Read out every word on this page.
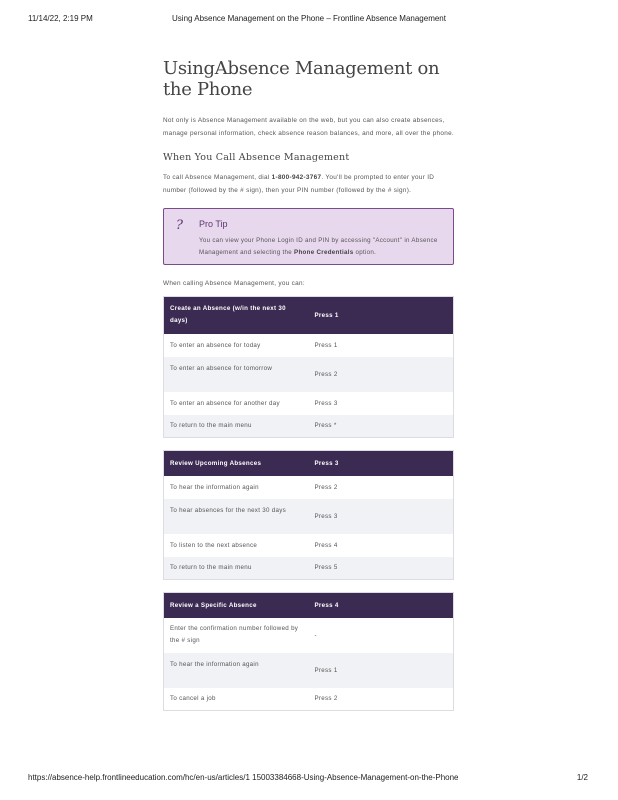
11/14/22, 2:19 PM	Using Absence Management on the Phone – Frontline Absence Management
UsingAbsence Management on the Phone

Not only is Absence Management available on the web, but you can also create absences, manage personal information, check absence reason balances, and more, all over the phone.

When You Call Absence Management

To call Absence Management, dial 1-800-942-3767. You'll be prompted to enter your ID number (followed by the # sign), then your PIN number (followed by the # sign).

? Pro Tip
You can view your Phone Login ID and PIN by accessing "Account" in Absence Management and selecting the Phone Credentials option.

When calling Absence Management, you can:

Create an Absence (w/in the next 30 days)	Press 1
To enter an absence for today	Press 1
To enter an absence for tomorrow	Press 2
To enter an absence for another day	Press 3
To return to the main menu	Press *
Review Upcoming Absences	Press 3
To hear the information again	Press 2
To hear absences for the next 30 days	Press 3
To listen to the next absence	Press 4
To return to the main menu	Press 5
Review a Specific Absence	Press 4
Enter the confirmation number followed by the # sign	-
To hear the information again	Press 1
To cancel a job	Press 2
https://absence-help.frontlineeducation.com/hc/en-us/articles/1 15003384668-Using-Absence-Management-on-the-Phone	1/2
